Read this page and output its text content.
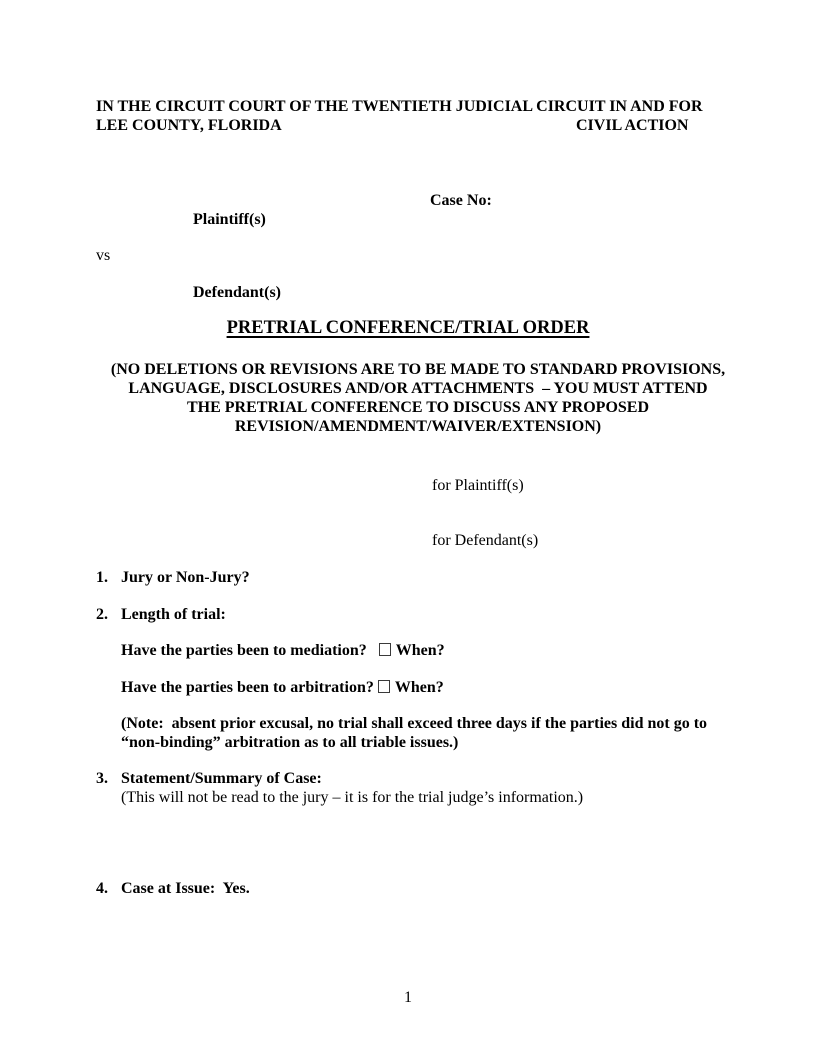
IN THE CIRCUIT COURT OF THE TWENTIETH JUDICIAL CIRCUIT IN AND FOR
LEE COUNTY, FLORIDA	CIVIL ACTION
Case No:
Plaintiff(s)
vs
Defendant(s)
PRETRIAL CONFERENCE/TRIAL ORDER
(NO DELETIONS OR REVISIONS ARE TO BE MADE TO STANDARD PROVISIONS,
LANGUAGE, DISCLOSURES AND/OR ATTACHMENTS  – YOU MUST ATTEND
THE PRETRIAL CONFERENCE TO DISCUSS ANY PROPOSED
REVISION/AMENDMENT/WAIVER/EXTENSION)
for Plaintiff(s)
for Defendant(s)
1. Jury or Non-Jury?
2. Length of trial:
Have the parties been to mediation? When?
Have the parties been to arbitration? When?
(Note:  absent prior excusal, no trial shall exceed three days if the parties did not go to
“non-binding” arbitration as to all triable issues.)
3. Statement/Summary of Case:
(This will not be read to the jury – it is for the trial judge’s information.)
4. Case at Issue:  Yes.
1
